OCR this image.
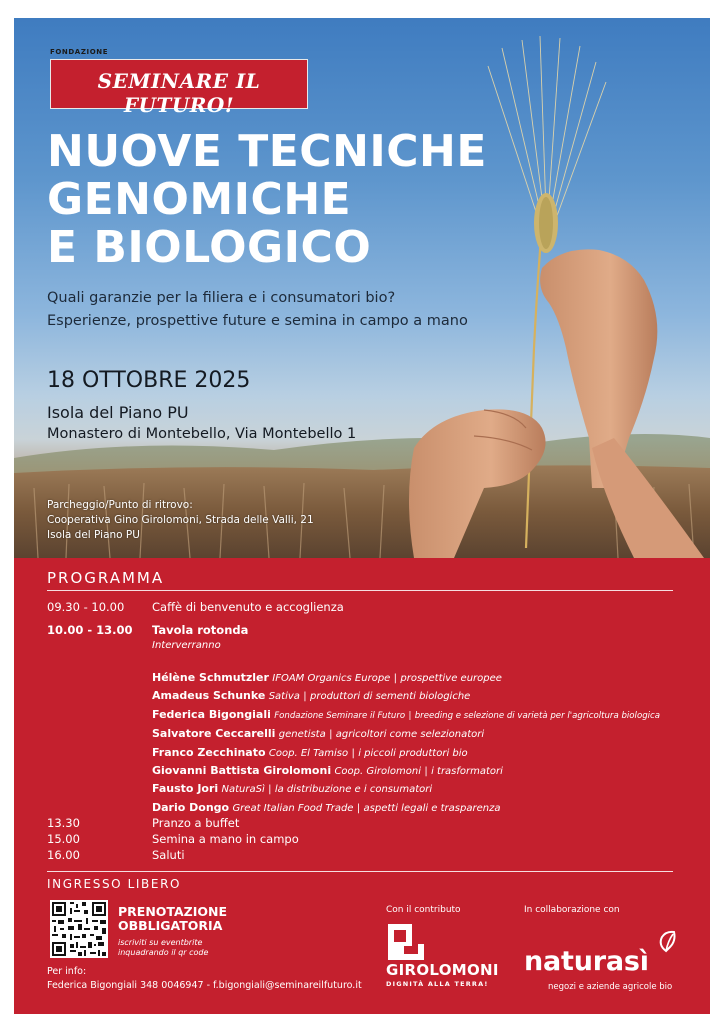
FONDAZIONE
SEMINARE IL FUTURO!
NUOVE TECNICHE
GENOMICHE
E BIOLOGICO
Quali garanzie per la filiera e i consumatori bio?
Esperienze, prospettive future e semina in campo a mano
18 OTTOBRE 2025
Isola del Piano PU
Monastero di Montebello, Via Montebello 1
Parcheggio/Punto di ritrovo:
Cooperativa Gino Girolomoni, Strada delle Valli, 21
Isola del Piano PU
PROGRAMMA
09.30 - 10.00 Caffè di benvenuto e accoglienza
10.00 - 13.00 Tavola rotonda
Interverranno
Hélène Schmutzler IFOAM Organics Europe | prospettive europee
Amadeus Schunke Sativa | produttori di sementi biologiche
Federica Bigongiali Fondazione Seminare il Futuro | breeding e selezione di varietà per l'agricoltura biologica
Salvatore Ceccarelli genetista | agricoltori come selezionatori
Franco Zecchinato Coop. El Tamiso | i piccoli produttori bio
Giovanni Battista Girolomoni Coop. Girolomoni | i trasformatori
Fausto Jori NaturaSì | la distribuzione e i consumatori
Dario Dongo Great Italian Food Trade | aspetti legali e trasparenza
13.30	Pranzo a buffet
15.00	Semina a mano in campo
16.00	Saluti
INGRESSO LIBERO
PRENOTAZIONE
OBBLIGATORIA
iscriviti su eventbrite
inquadrando il qr code
Per info:
Federica Bigongiali 348 0046947 - f.bigongiali@seminareilfuturo.it
Con il contributo	In collaborazione con
GIROLOMONI
DIGNITÀ ALLA TERRA!
naturasì
negozi e aziende agricole bio
